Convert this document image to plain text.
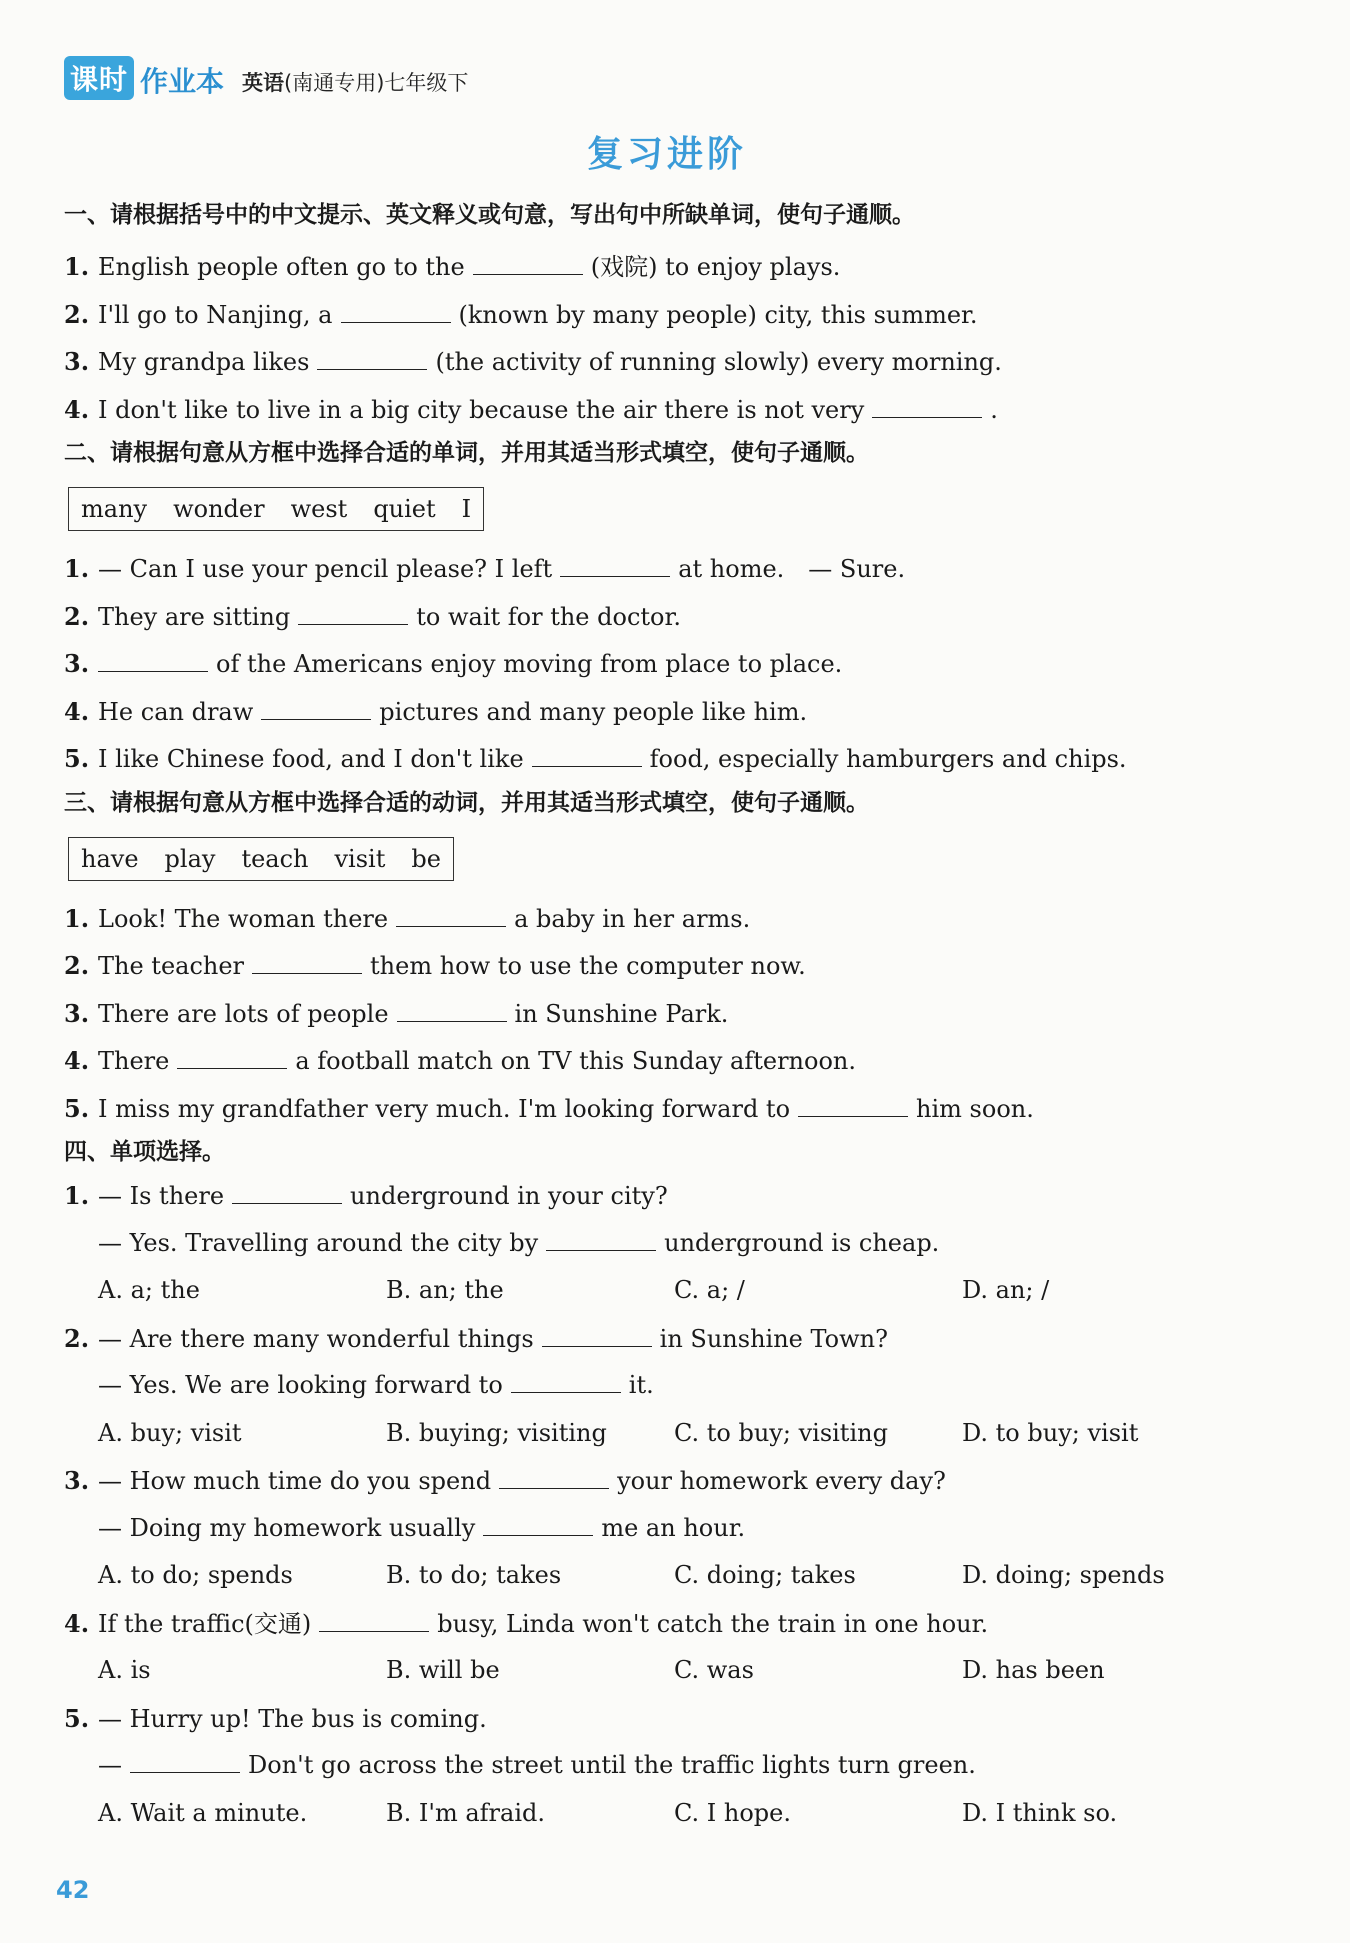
课时 作业本 英语(南通专用)七年级下
复习进阶
一、请根据括号中的中文提示、英文释义或句意，写出句中所缺单词，使句子通顺。
1. English people often go to the	(戏院) to enjoy plays.
2. I'll go to Nanjing, a	(known by many people) city, this summer.
3. My grandpa likes	(the activity of running slowly) every morning.
4. I don't like to live in a big city because the air there is not very	.
二、请根据句意从方框中选择合适的单词，并用其适当形式填空，使句子通顺。
many wonder west quiet I
1. — Can I use your pencil please? I left	at home.　— Sure.
2. They are sitting	to wait for the doctor.
3.	of the Americans enjoy moving from place to place.
4. He can draw	pictures and many people like him.
5. I like Chinese food, and I don't like	food, especially hamburgers and chips.
三、请根据句意从方框中选择合适的动词，并用其适当形式填空，使句子通顺。
have play teach visit be
1. Look! The woman there	a baby in her arms.
2. The teacher	them how to use the computer now.
3. There are lots of people	in Sunshine Park.
4. There	a football match on TV this Sunday afternoon.
5. I miss my grandfather very much. I'm looking forward to	him soon.
四、单项选择。
1. — Is there	underground in your city?
— Yes. Travelling around the city by	underground is cheap.
A. a; the	B. an; the	C. a; /	D. an; /
2. — Are there many wonderful things	in Sunshine Town?
— Yes. We are looking forward to	it.
A. buy; visit	B. buying; visiting	C. to buy; visiting	D. to buy; visit
3. — How much time do you spend	your homework every day?
— Doing my homework usually	me an hour.
A. to do; spends	B. to do; takes	C. doing; takes	D. doing; spends
4. If the traffic(交通)	busy, Linda won't catch the train in one hour.
A. is	B. will be	C. was	D. has been
5. — Hurry up! The bus is coming.
—	Don't go across the street until the traffic lights turn green.
A. Wait a minute.	B. I'm afraid.	C. I hope.	D. I think so.
42
